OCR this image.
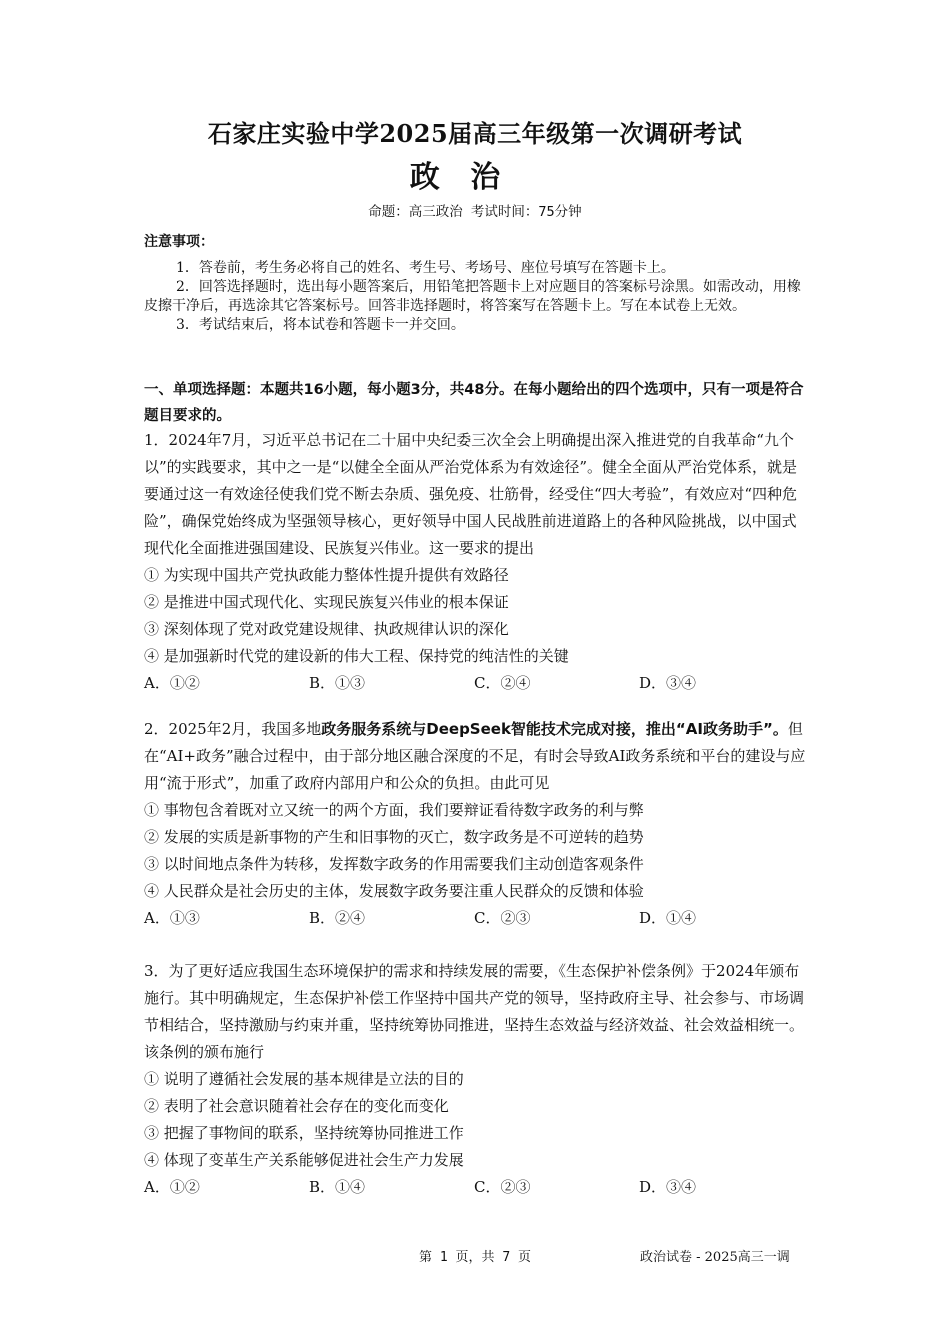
石家庄实验中学2025届高三年级第一次调研考试
政 治
命题：高三政治 考试时间：75分钟
注意事项：
1．答卷前，考生务必将自己的姓名、考生号、考场号、座位号填写在答题卡上。
2．回答选择题时，选出每小题答案后，用铅笔把答题卡上对应题目的答案标号涂黑。如需改动，用橡皮擦干净后，再选涂其它答案标号。回答非选择题时，将答案写在答题卡上。写在本试卷上无效。
3．考试结束后，将本试卷和答题卡一并交回。
一、单项选择题：本题共16小题，每小题3分，共48分。在每小题给出的四个选项中，只有一项是符合题目要求的。

1．2024年7月，习近平总书记在二十届中央纪委三次全会上明确提出深入推进党的自我革命“九个以”的实践要求，其中之一是“以健全全面从严治党体系为有效途径”。健全全面从严治党体系，就是要通过这一有效途径使我们党不断去杂质、强免疫、壮筋骨，经受住“四大考验”，有效应对“四种危险”，确保党始终成为坚强领导核心，更好领导中国人民战胜前进道路上的各种风险挑战，以中国式现代化全面推进强国建设、民族复兴伟业。这一要求的提出

① 为实现中国共产党执政能力整体性提升提供有效路径

② 是推进中国式现代化、实现民族复兴伟业的根本保证

③ 深刻体现了党对政党建设规律、执政规律认识的深化

④ 是加强新时代党的建设新的伟大工程、保持党的纯洁性的关键

A．①②	B．①③	C．②④	D．③④

2．2025年2月，我国多地政务服务系统与DeepSeek智能技术完成对接，推出“AI政务助手”。但在“AI+政务”融合过程中，由于部分地区融合深度的不足，有时会导致AI政务系统和平台的建设与应用“流于形式”，加重了政府内部用户和公众的负担。由此可见

① 事物包含着既对立又统一的两个方面，我们要辩证看待数字政务的利与弊

② 发展的实质是新事物的产生和旧事物的灭亡，数字政务是不可逆转的趋势

③ 以时间地点条件为转移，发挥数字政务的作用需要我们主动创造客观条件

④ 人民群众是社会历史的主体，发展数字政务要注重人民群众的反馈和体验

A．①③	B．②④	C．②③	D．①④

3．为了更好适应我国生态环境保护的需求和持续发展的需要，《生态保护补偿条例》于2024年颁布施行。其中明确规定，生态保护补偿工作坚持中国共产党的领导，坚持政府主导、社会参与、市场调节相结合，坚持激励与约束并重，坚持统筹协同推进，坚持生态效益与经济效益、社会效益相统一。该条例的颁布施行

① 说明了遵循社会发展的基本规律是立法的目的

② 表明了社会意识随着社会存在的变化而变化

③ 把握了事物间的联系，坚持统筹协同推进工作

④ 体现了变革生产关系能够促进社会生产力发展

A．①②	B．①④	C．②③	D．③④
第 1 页，共 7 页	政治试卷 - 2025高三一调
